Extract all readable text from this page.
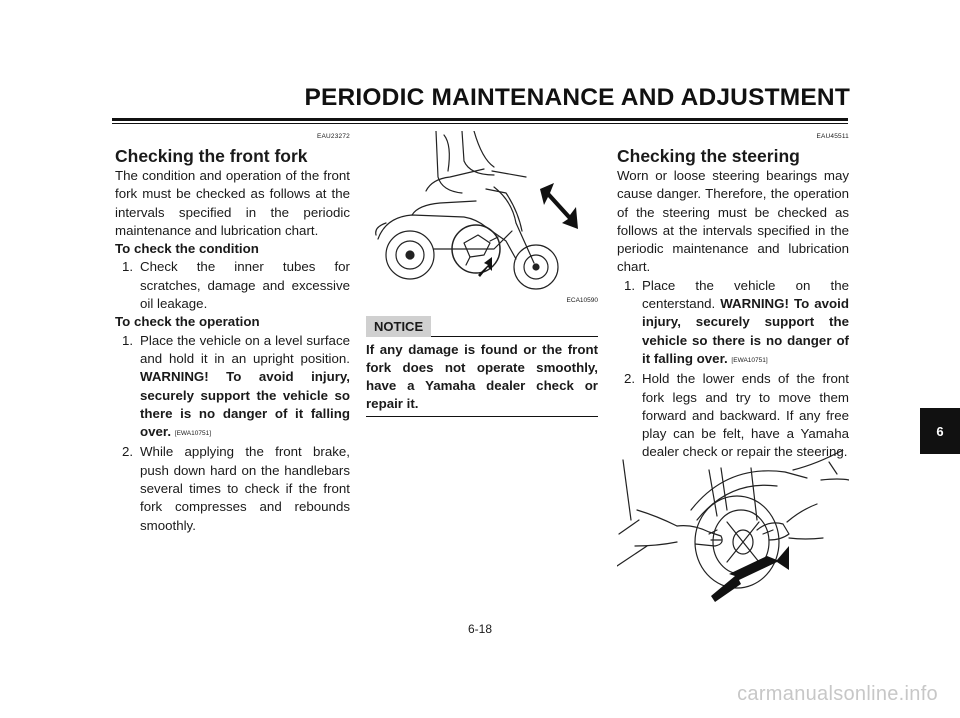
PERIODIC MAINTENANCE AND ADJUSTMENT
EAU23272
Checking the front fork

The condition and operation of the front fork must be checked as follows at the intervals specified in the periodic maintenance and lubrication chart.

To check the condition
1. Check the inner tubes for scratches, damage and excessive oil leakage.
To check the operation
1. Place the vehicle on a level surface and hold it in an upright position. WARNING! To avoid injury, securely support the vehicle so there is no danger of it falling over. [EWA10751]
2. While applying the front brake, push down hard on the handlebars several times to check if the front fork compresses and rebounds smoothly.
ECA10590
NOTICE
If any damage is found or the front fork does not operate smoothly, have a Yamaha dealer check or repair it.
EAU45511
Checking the steering

Worn or loose steering bearings may cause danger. Therefore, the operation of the steering must be checked as follows at the intervals specified in the periodic maintenance and lubrication chart.

1. Place the vehicle on the centerstand. WARNING! To avoid injury, securely support the vehicle so there is no danger of it falling over. [EWA10751]
2. Hold the lower ends of the front fork legs and try to move them forward and backward. If any free play can be felt, have a Yamaha dealer check or repair the steering.
6
6-18
carmanualsonline.info
